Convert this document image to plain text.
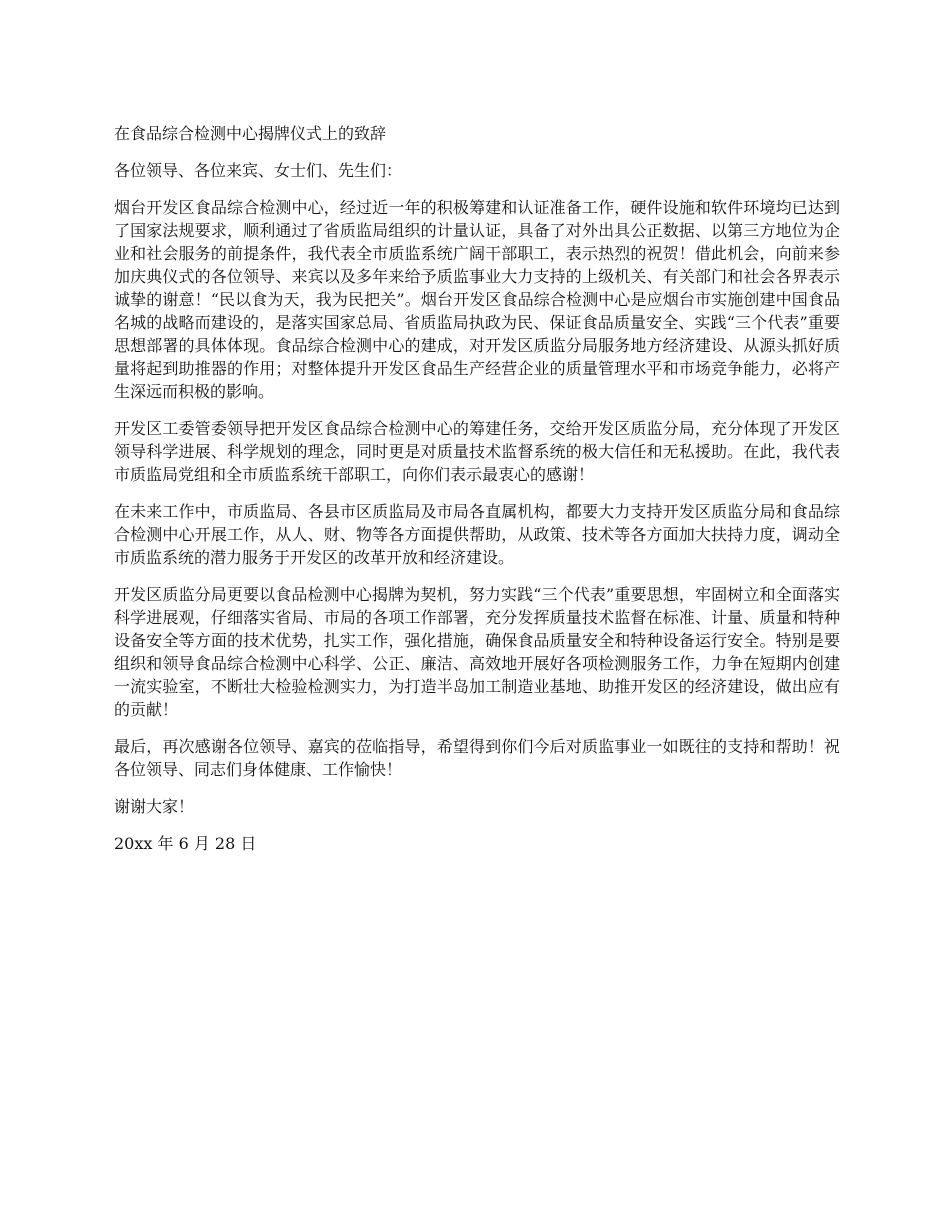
在食品综合检测中心揭牌仪式上的致辞

各位领导、各位来宾、女士们、先生们：

烟台开发区食品综合检测中心，经过近一年的积极筹建和认证准备工作，硬件设施和软件环境均已达到了国家法规要求，顺利通过了省质监局组织的计量认证，具备了对外出具公正数据、以第三方地位为企业和社会服务的前提条件，我代表全市质监系统广阔干部职工，表示热烈的祝贺！借此机会，向前来参加庆典仪式的各位领导、来宾以及多年来给予质监事业大力支持的上级机关、有关部门和社会各界表示诚挚的谢意！“民以食为天，我为民把关”。烟台开发区食品综合检测中心是应烟台市实施创建中国食品名城的战略而建设的，是落实国家总局、省质监局执政为民、保证食品质量安全、实践“三个代表”重要思想部署的具体体现。食品综合检测中心的建成，对开发区质监分局服务地方经济建设、从源头抓好质量将起到助推器的作用；对整体提升开发区食品生产经营企业的质量管理水平和市场竞争能力，必将产生深远而积极的影响。

开发区工委管委领导把开发区食品综合检测中心的筹建任务，交给开发区质监分局，充分体现了开发区领导科学进展、科学规划的理念，同时更是对质量技术监督系统的极大信任和无私援助。在此，我代表市质监局党组和全市质监系统干部职工，向你们表示最衷心的感谢！

在未来工作中，市质监局、各县市区质监局及市局各直属机构，都要大力支持开发区质监分局和食品综合检测中心开展工作，从人、财、物等各方面提供帮助，从政策、技术等各方面加大扶持力度，调动全市质监系统的潜力服务于开发区的改革开放和经济建设。

开发区质监分局更要以食品检测中心揭牌为契机，努力实践“三个代表”重要思想，牢固树立和全面落实科学进展观，仔细落实省局、市局的各项工作部署，充分发挥质量技术监督在标准、计量、质量和特种设备安全等方面的技术优势，扎实工作，强化措施，确保食品质量安全和特种设备运行安全。特别是要组织和领导食品综合检测中心科学、公正、廉洁、高效地开展好各项检测服务工作，力争在短期内创建一流实验室，不断壮大检验检测实力，为打造半岛加工制造业基地、助推开发区的经济建设，做出应有的贡献！

最后，再次感谢各位领导、嘉宾的莅临指导，希望得到你们今后对质监事业一如既往的支持和帮助！祝各位领导、同志们身体健康、工作愉快！

谢谢大家！

20xx 年 6 月 28 日
